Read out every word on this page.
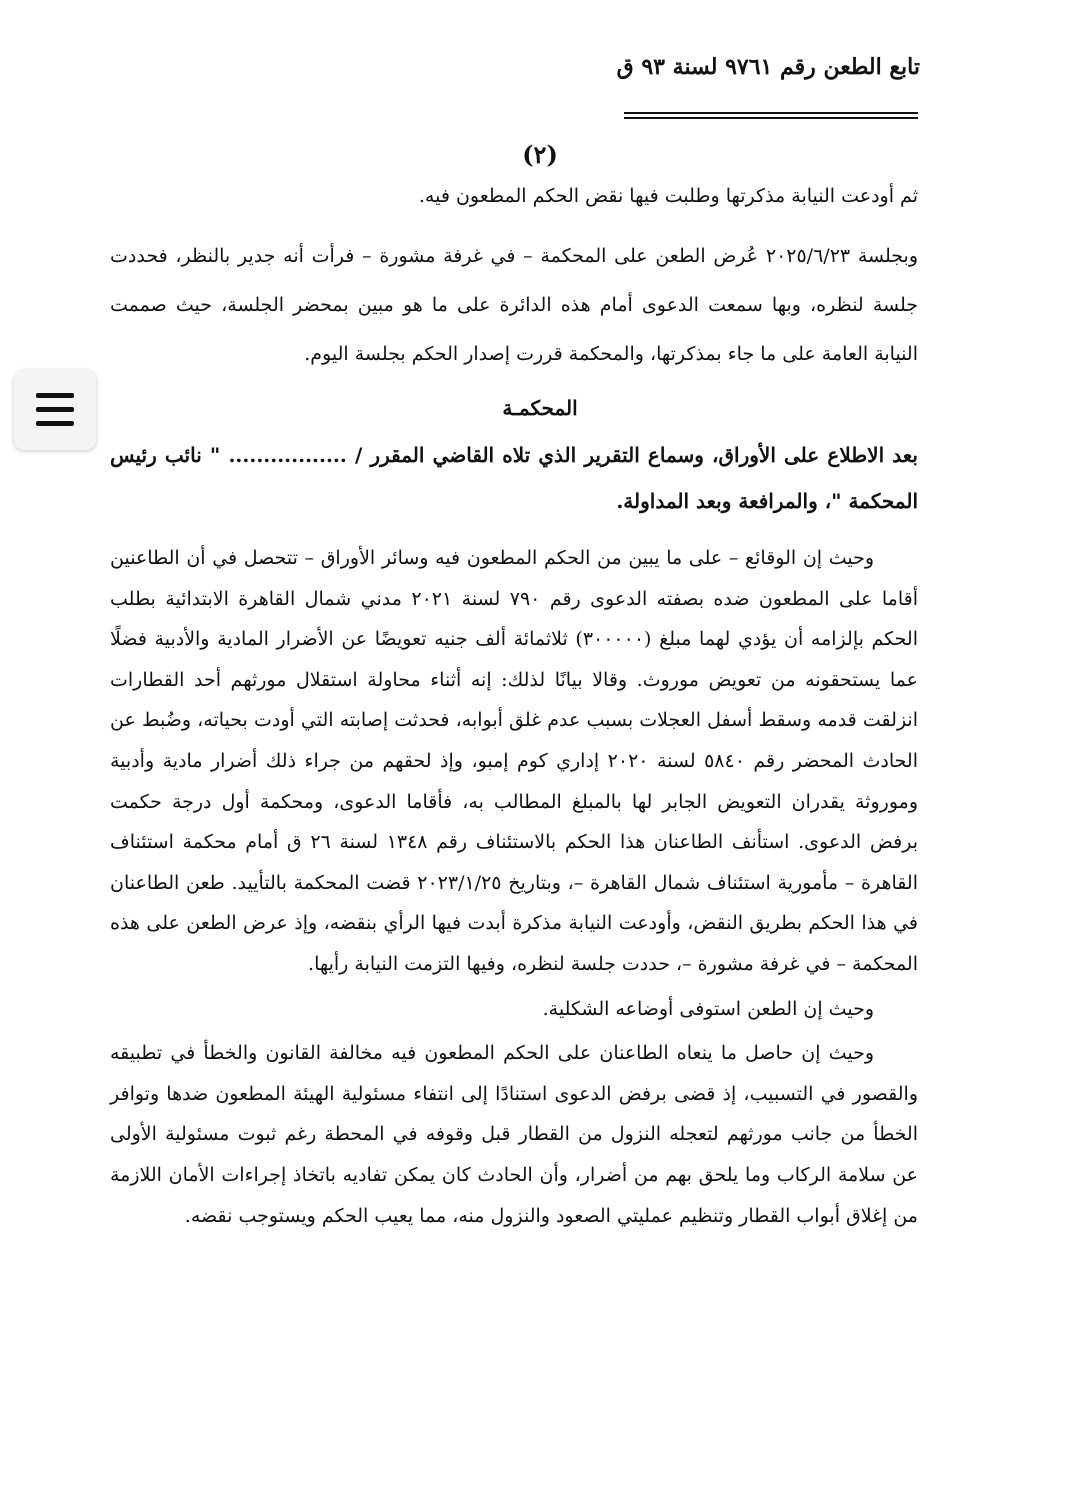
تابع الطعن رقم ٩٧٦١ لسنة ٩٣ ق
(٢)

ثم أودعت النيابة مذكرتها وطلبت فيها نقض الحكم المطعون فيه.

وبجلسة ٢٠٢٥/٦/٢٣ عُرض الطعن على المحكمة – في غرفة مشورة – فرأت أنه جدير بالنظر، فحددت جلسة لنظره، وبها سمعت الدعوى أمام هذه الدائرة على ما هو مبين بمحضر الجلسة، حيث صممت النيابة العامة على ما جاء بمذكرتها، والمحكمة قررت إصدار الحكم بجلسة اليوم.

المحكمـة

بعد الاطلاع على الأوراق، وسماع التقرير الذي تلاه القاضي المقرر / ................. " نائب رئيس المحكمة "، والمرافعة وبعد المداولة.

وحيث إن الوقائع – على ما يبين من الحكم المطعون فيه وسائر الأوراق – تتحصل في أن الطاعنين أقاما على المطعون ضده بصفته الدعوى رقم ٧٩٠ لسنة ٢٠٢١ مدني شمال القاهرة الابتدائية بطلب الحكم بإلزامه أن يؤدي لهما مبلغ (٣٠٠٠٠٠) ثلاثمائة ألف جنيه تعويضًا عن الأضرار المادية والأدبية فضلًا عما يستحقونه من تعويض موروث. وقالا بيانًا لذلك: إنه أثناء محاولة استقلال مورثهم أحد القطارات انزلقت قدمه وسقط أسفل العجلات بسبب عدم غلق أبوابه، فحدثت إصابته التي أودت بحياته، وضُبط عن الحادث المحضر رقم ٥٨٤٠ لسنة ٢٠٢٠ إداري كوم إمبو، وإذ لحقهم من جراء ذلك أضرار مادية وأدبية وموروثة يقدران التعويض الجابر لها بالمبلغ المطالب به، فأقاما الدعوى، ومحكمة أول درجة حكمت برفض الدعوى. استأنف الطاعنان هذا الحكم بالاستئناف رقم ١٣٤٨ لسنة ٢٦ ق أمام محكمة استئناف القاهرة – مأمورية استئناف شمال القاهرة –، وبتاريخ ٢٠٢٣/١/٢٥ قضت المحكمة بالتأييد. طعن الطاعنان في هذا الحكم بطريق النقض، وأودعت النيابة مذكرة أبدت فيها الرأي بنقضه، وإذ عرض الطعن على هذه المحكمة – في غرفة مشورة –، حددت جلسة لنظره، وفيها التزمت النيابة رأيها.

وحيث إن الطعن استوفى أوضاعه الشكلية.

وحيث إن حاصل ما ينعاه الطاعنان على الحكم المطعون فيه مخالفة القانون والخطأ في تطبيقه والقصور في التسبيب، إذ قضى برفض الدعوى استنادًا إلى انتفاء مسئولية الهيئة المطعون ضدها وتوافر الخطأ من جانب مورثهم لتعجله النزول من القطار قبل وقوفه في المحطة رغم ثبوت مسئولية الأولى عن سلامة الركاب وما يلحق بهم من أضرار، وأن الحادث كان يمكن تفاديه باتخاذ إجراءات الأمان اللازمة من إغلاق أبواب القطار وتنظيم عمليتي الصعود والنزول منه، مما يعيب الحكم ويستوجب نقضه.
